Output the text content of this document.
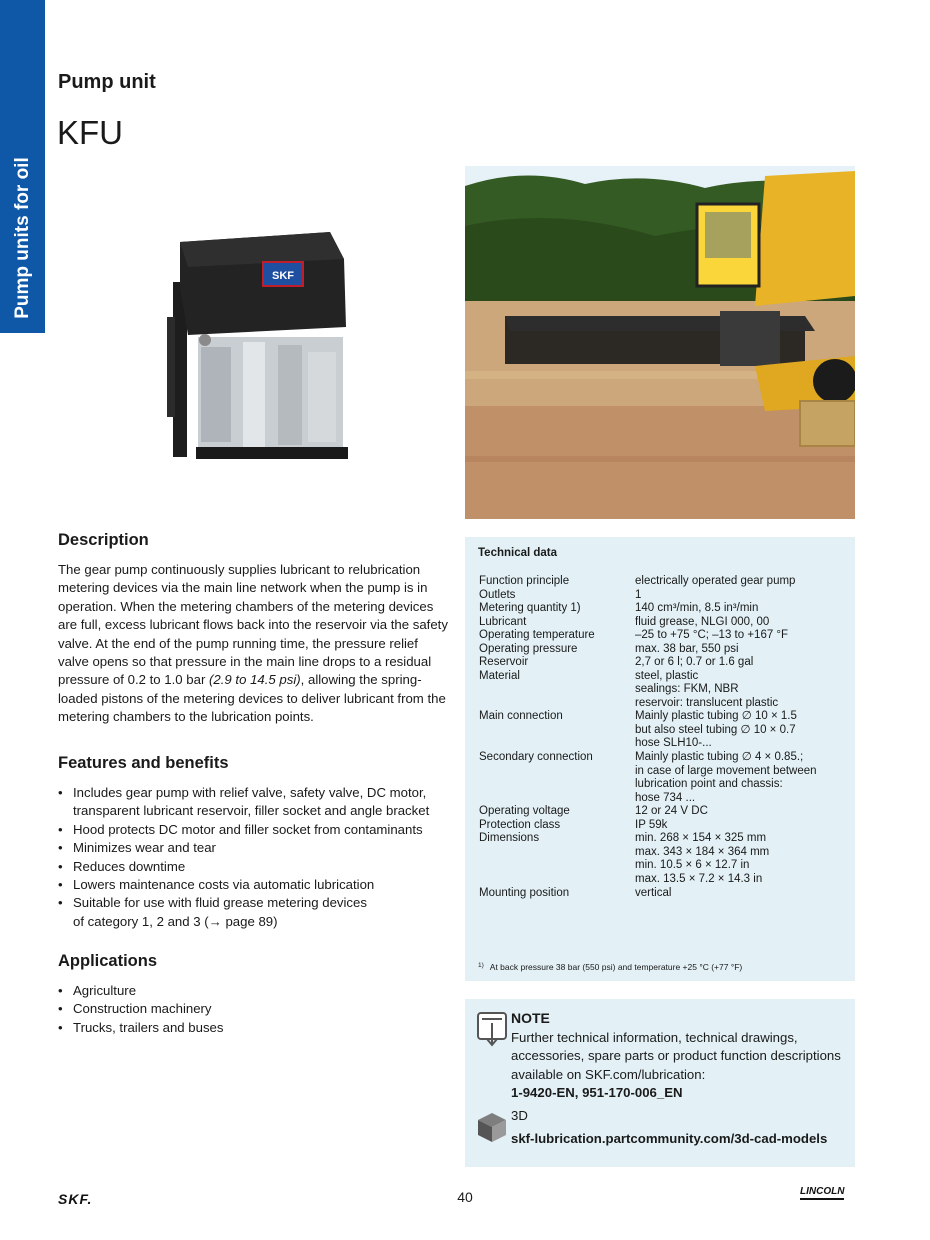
Pump units for oil
Pump unit
KFU
SKF
Description

The gear pump continuously supplies lubricant to relubrication metering devices via the main line network when the pump is in operation. When the metering chambers of the metering devices are full, excess lubricant flows back into the reservoir via the safety valve. At the end of the pump running time, the pressure relief valve opens so that pressure in the main line drops to a residual pressure of 0.2 to 1.0 bar (2.9 to 14.5 psi), allowing the spring-loaded pistons of the metering devices to deliver lubricant from the metering chambers to the lubrication points.

Features and benefits
• Includes gear pump with relief valve, safety valve, DC motor,
transparent lubricant reservoir, filler socket and angle bracket
• Hood protects DC motor and filler socket from contaminants
• Minimizes wear and tear
• Reduces downtime
• Lowers maintenance costs via automatic lubrication
• Suitable for use with fluid grease metering devices
of category 1, 2 and 3 (→ page 89)
Applications
• Agriculture
• Construction machinery
• Trucks, trailers and buses
Technical data
Function principle	electrically operated gear pump
Outlets	1
Metering quantity 1)	140 cm³/min, 8.5 in³/min
Lubricant	fluid grease, NLGI 000, 00
Operating temperature	–25 to +75 °C; –13 to +167 °F
Operating pressure	max. 38 bar, 550 psi
Reservoir	2,7 or 6 l; 0.7 or 1.6 gal
Material	steel, plastic
sealings: FKM, NBR
reservoir: translucent plastic
Main connection	Mainly plastic tubing ∅ 10 × 1.5
but also steel tubing ∅ 10 × 0.7
hose SLH10-...
Secondary connection	Mainly plastic tubing ∅ 4 × 0.85.;
in case of large movement between
lubrication point and chassis:
hose 734 ...
Operating voltage	12 or 24 V DC
Protection class	IP 59k
Dimensions	min. 268 × 154 × 325 mm
max. 343 × 184 × 364 mm
min. 10.5 × 6 × 12.7 in
max. 13.5 × 7.2 × 14.3 in
Mounting position	vertical
$^{1)}$ At back pressure 38 bar (550 psi) and temperature +25 °C (+77 °F)
NOTE
Further technical information, technical drawings, accessories, spare parts or product function descriptions available on SKF.com/lubrication:
1-9420-EN, 951-170-006_EN
3D
skf-lubrication.partcommunity.com/3d-cad-models
SKF.	40	LINCOLN
